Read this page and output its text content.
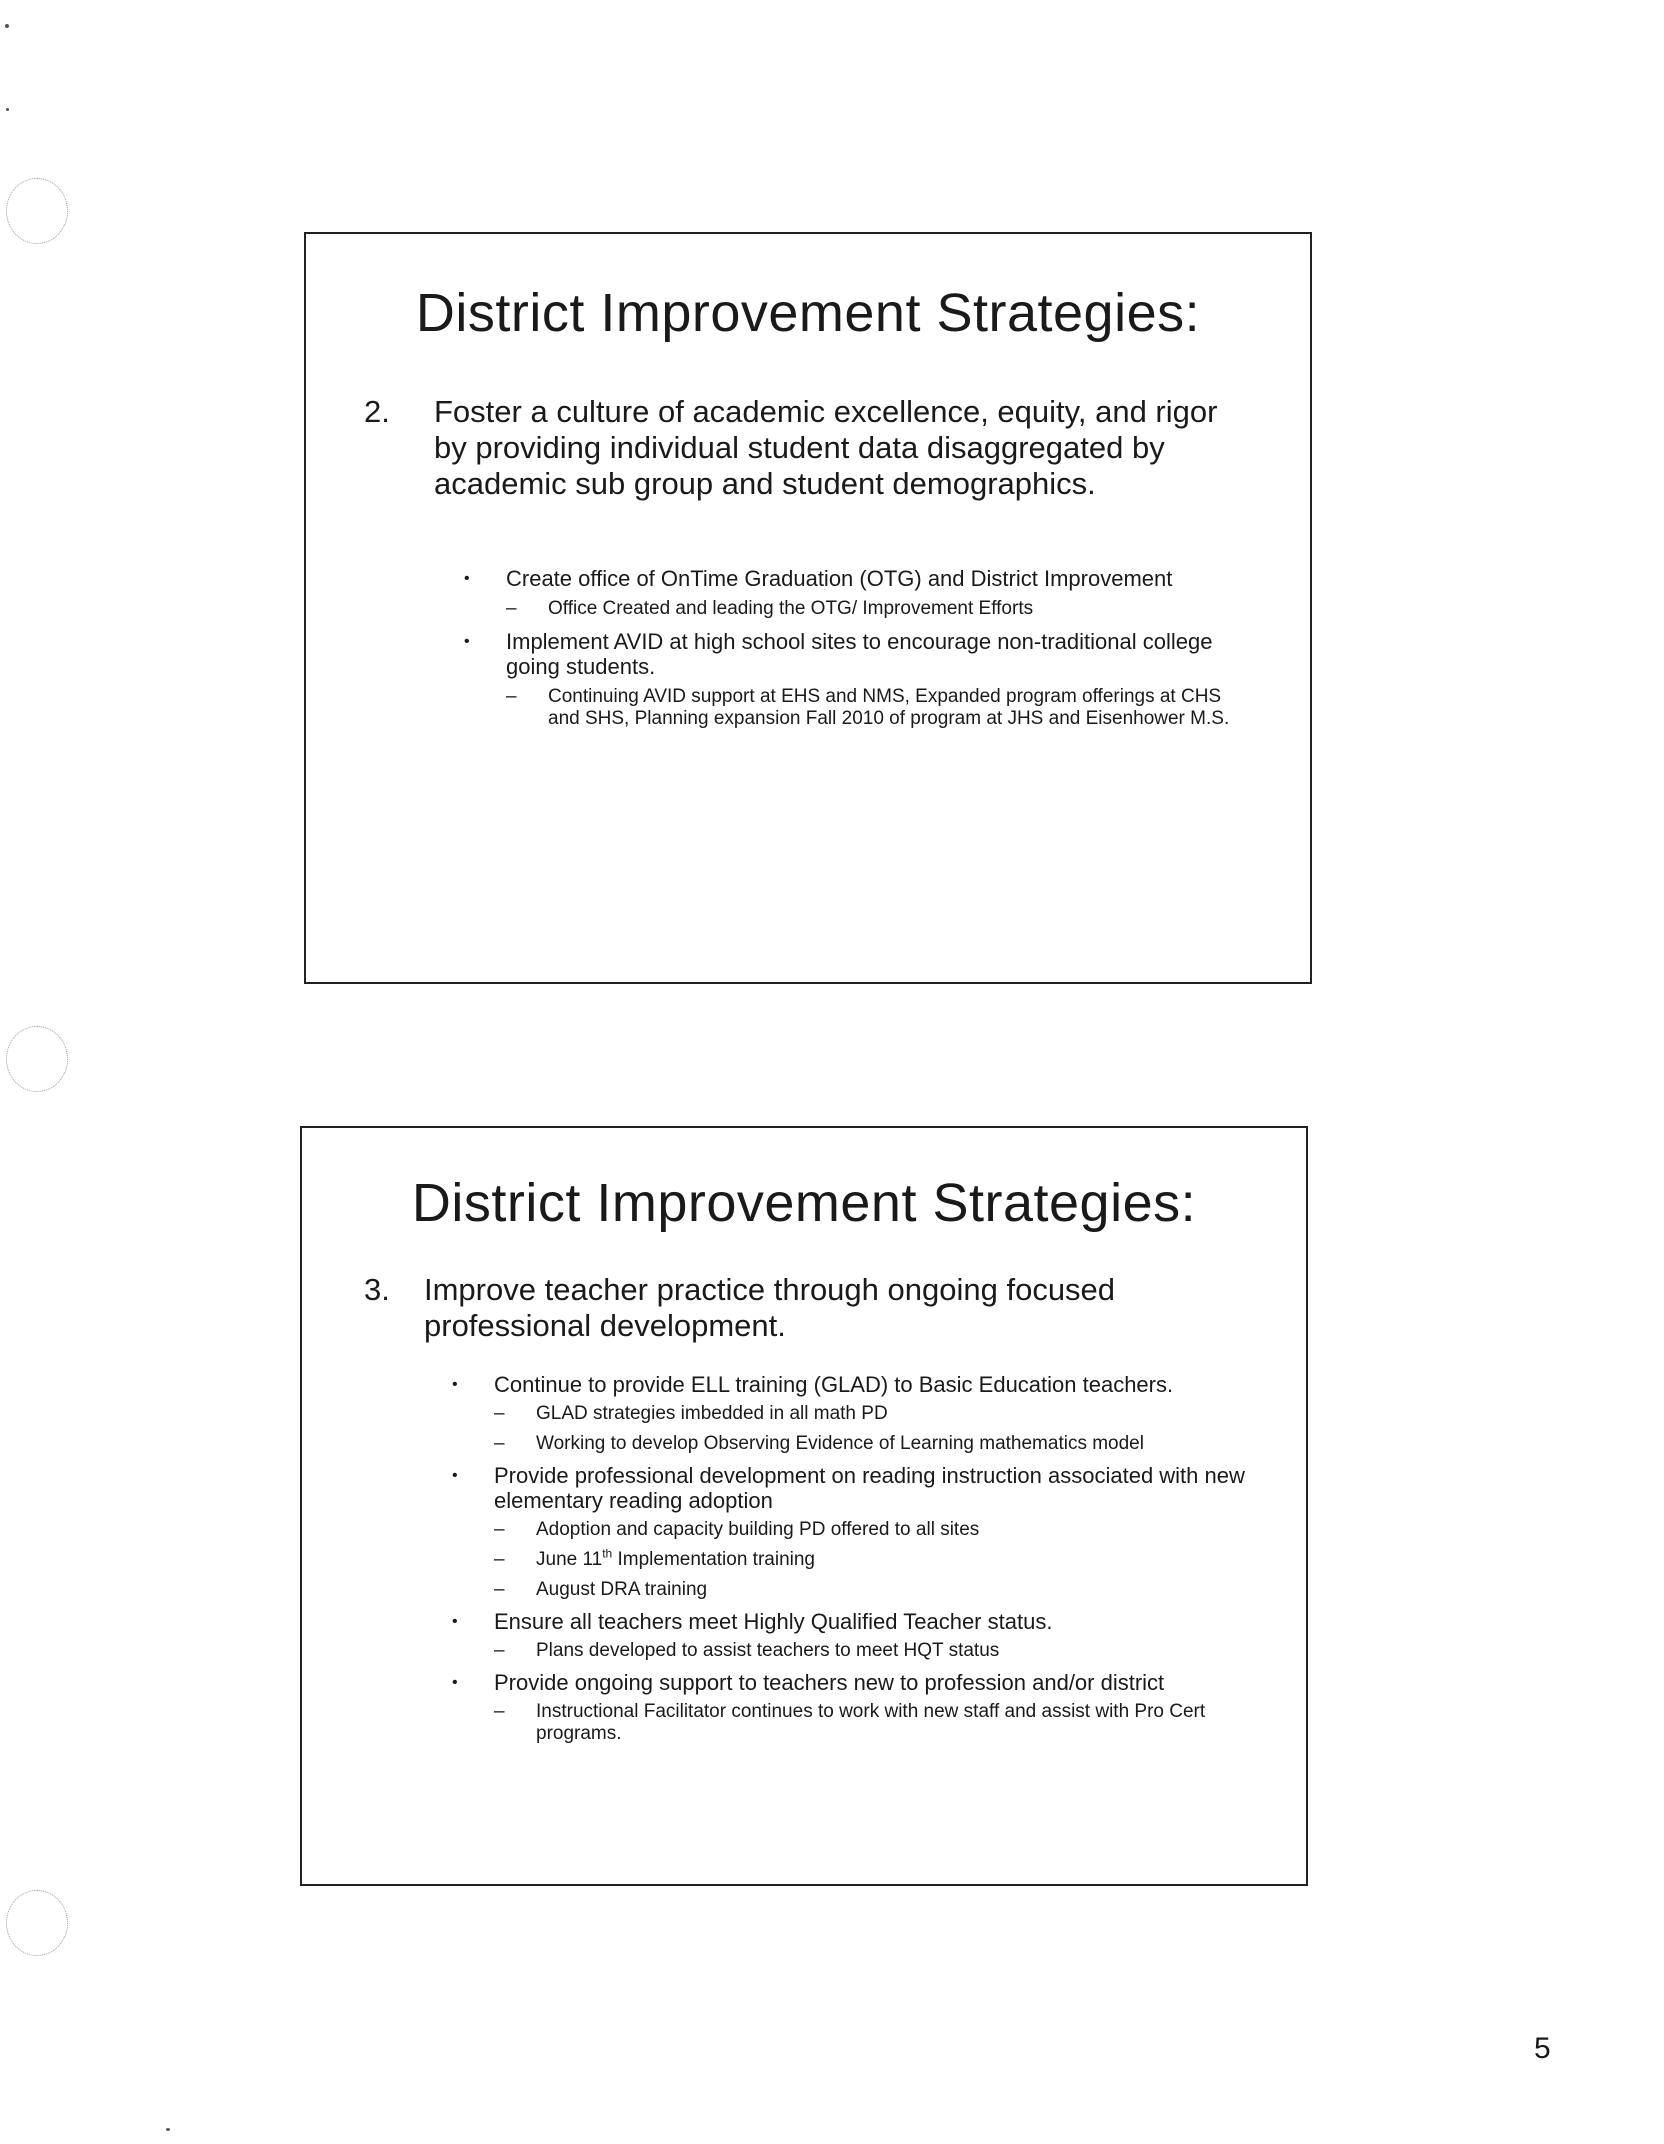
District Improvement Strategies:
2. Foster a culture of academic excellence, equity, and rigor by providing individual student data disaggregated by academic sub group and student demographics.
• Create office of OnTime Graduation (OTG) and District Improvement
– Office Created and leading the OTG/ Improvement Efforts
• Implement AVID at high school sites to encourage non-traditional college going students.
– Continuing AVID support at EHS and NMS, Expanded program offerings at CHS and SHS, Planning expansion Fall 2010 of program at JHS and Eisenhower M.S.
District Improvement Strategies:
3. Improve teacher practice through ongoing focused professional development.
• Continue to provide ELL training (GLAD) to Basic Education teachers.
– GLAD strategies imbedded in all math PD
– Working to develop Observing Evidence of Learning mathematics model
• Provide professional development on reading instruction associated with new elementary reading adoption
– Adoption and capacity building PD offered to all sites
– June 11th Implementation training
– August DRA training
• Ensure all teachers meet Highly Qualified Teacher status.
– Plans developed to assist teachers to meet HQT status
• Provide ongoing support to teachers new to profession and/or district
– Instructional Facilitator continues to work with new staff and assist with Pro Cert programs.
5
